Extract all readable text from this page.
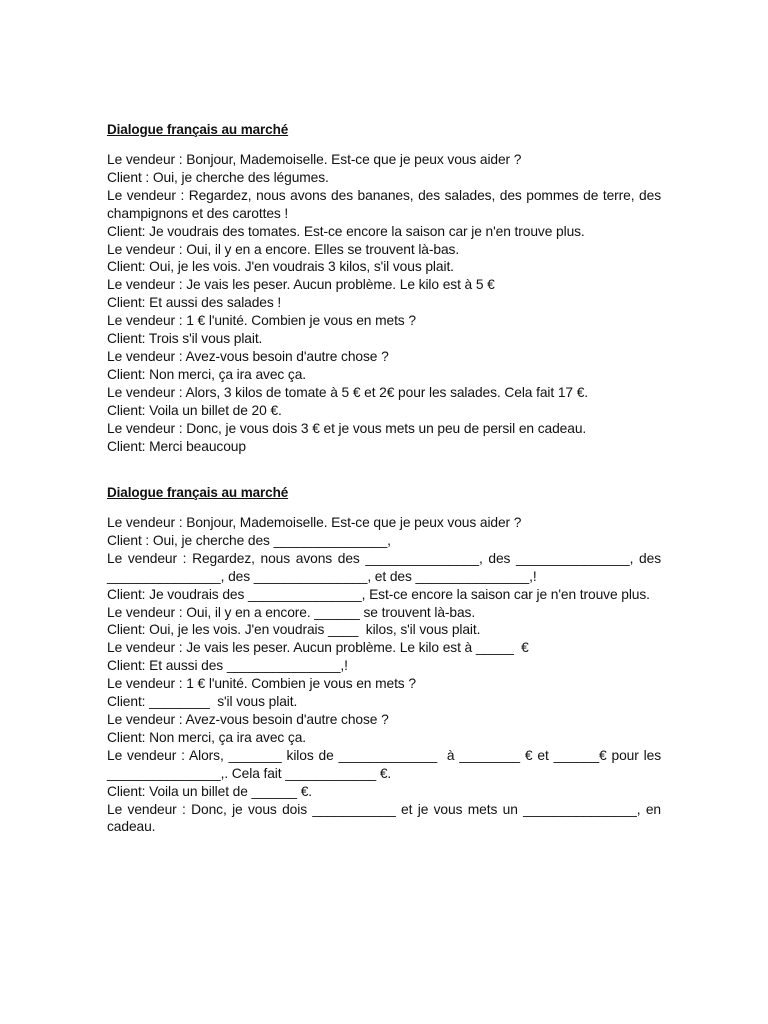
Dialogue français au marché

Le vendeur : Bonjour, Mademoiselle. Est-ce que je peux vous aider ?

Client : Oui, je cherche des légumes.

Le vendeur : Regardez, nous avons des bananes, des salades, des pommes de terre, des champignons et des carottes !

Client: Je voudrais des tomates. Est-ce encore la saison car je n'en trouve plus.

Le vendeur : Oui, il y en a encore. Elles se trouvent là-bas.

Client: Oui, je les vois. J'en voudrais 3 kilos, s'il vous plait.

Le vendeur : Je vais les peser. Aucun problème. Le kilo est à 5 €

Client: Et aussi des salades !

Le vendeur : 1 € l'unité. Combien je vous en mets ?

Client: Trois s'il vous plait.

Le vendeur : Avez-vous besoin d'autre chose ?

Client: Non merci, ça ira avec ça.

Le vendeur : Alors, 3 kilos de tomate à 5 € et 2€ pour les salades. Cela fait 17 €.

Client: Voila un billet de 20 €.

Le vendeur : Donc, je vous dois 3 € et je vous mets un peu de persil en cadeau.

Client: Merci beaucoup

Dialogue français au marché

Le vendeur : Bonjour, Mademoiselle. Est-ce que je peux vous aider ?

Client : Oui, je cherche des _______________,

Le vendeur : Regardez, nous avons des _______________, des _______________, des _______________, des _______________, et des _______________,!

Client: Je voudrais des _______________, Est-ce encore la saison car je n'en trouve plus.

Le vendeur : Oui, il y en a encore. ______ se trouvent là-bas.

Client: Oui, je les vois. J'en voudrais ____  kilos, s'il vous plait.

Le vendeur : Je vais les peser. Aucun problème. Le kilo est à _____  €

Client: Et aussi des _______________,!

Le vendeur : 1 € l'unité. Combien je vous en mets ?

Client: ________  s'il vous plait.

Le vendeur : Avez-vous besoin d'autre chose ?

Client: Non merci, ça ira avec ça.

Le vendeur : Alors, _______ kilos de _____________  à ________ € et ______€ pour les _______________,. Cela fait ____________ €.

Client: Voila un billet de ______ €.

Le vendeur : Donc, je vous dois ___________ et je vous mets un _______________, en cadeau.
